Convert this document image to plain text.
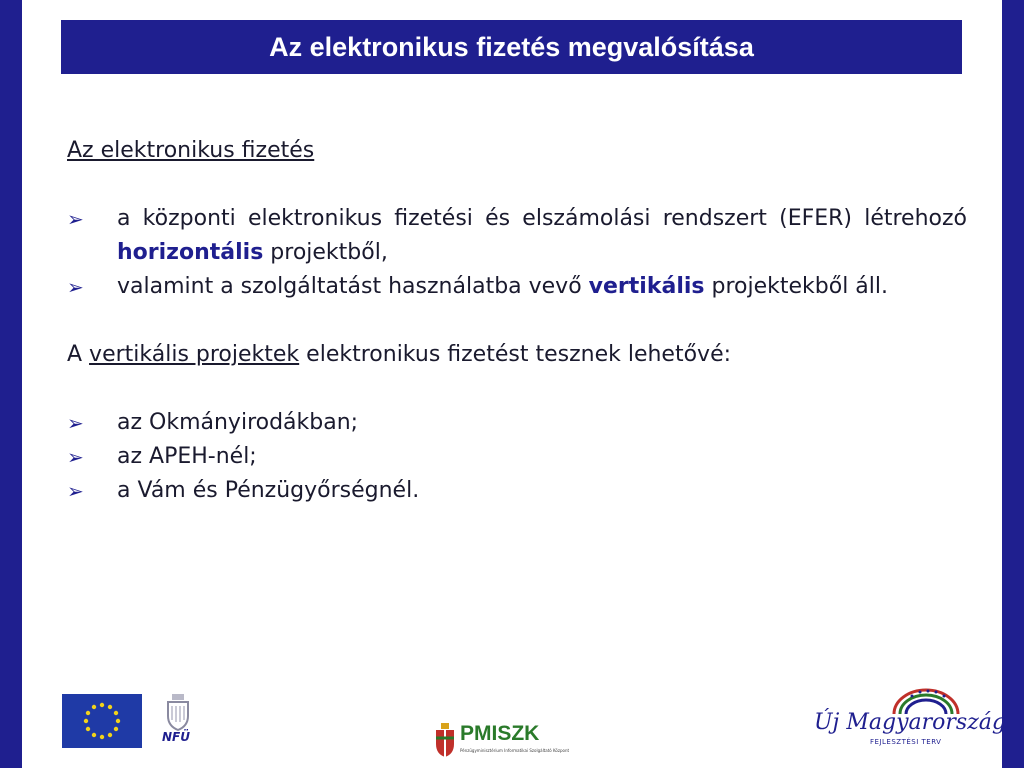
Az elektronikus fizetés megvalósítása
Az elektronikus fizetés
➢	a központi elektronikus fizetési és elszámolási rendszert (EFER) létrehozó horizontális projektből,
➢	valamint a szolgáltatást használatba vevő vertikális projektekből áll.
A vertikális projektek elektronikus fizetést tesznek lehetővé:
➢	az Okmányirodákban;
➢	az APEH-nél;
➢	a Vám és Pénzügyőrségnél.
NFÜ	PMISZK
Pénzügyminisztérium Informatikai Szolgáltató Központ
Új Magyarország
FEJLESZTÉSI TERV
